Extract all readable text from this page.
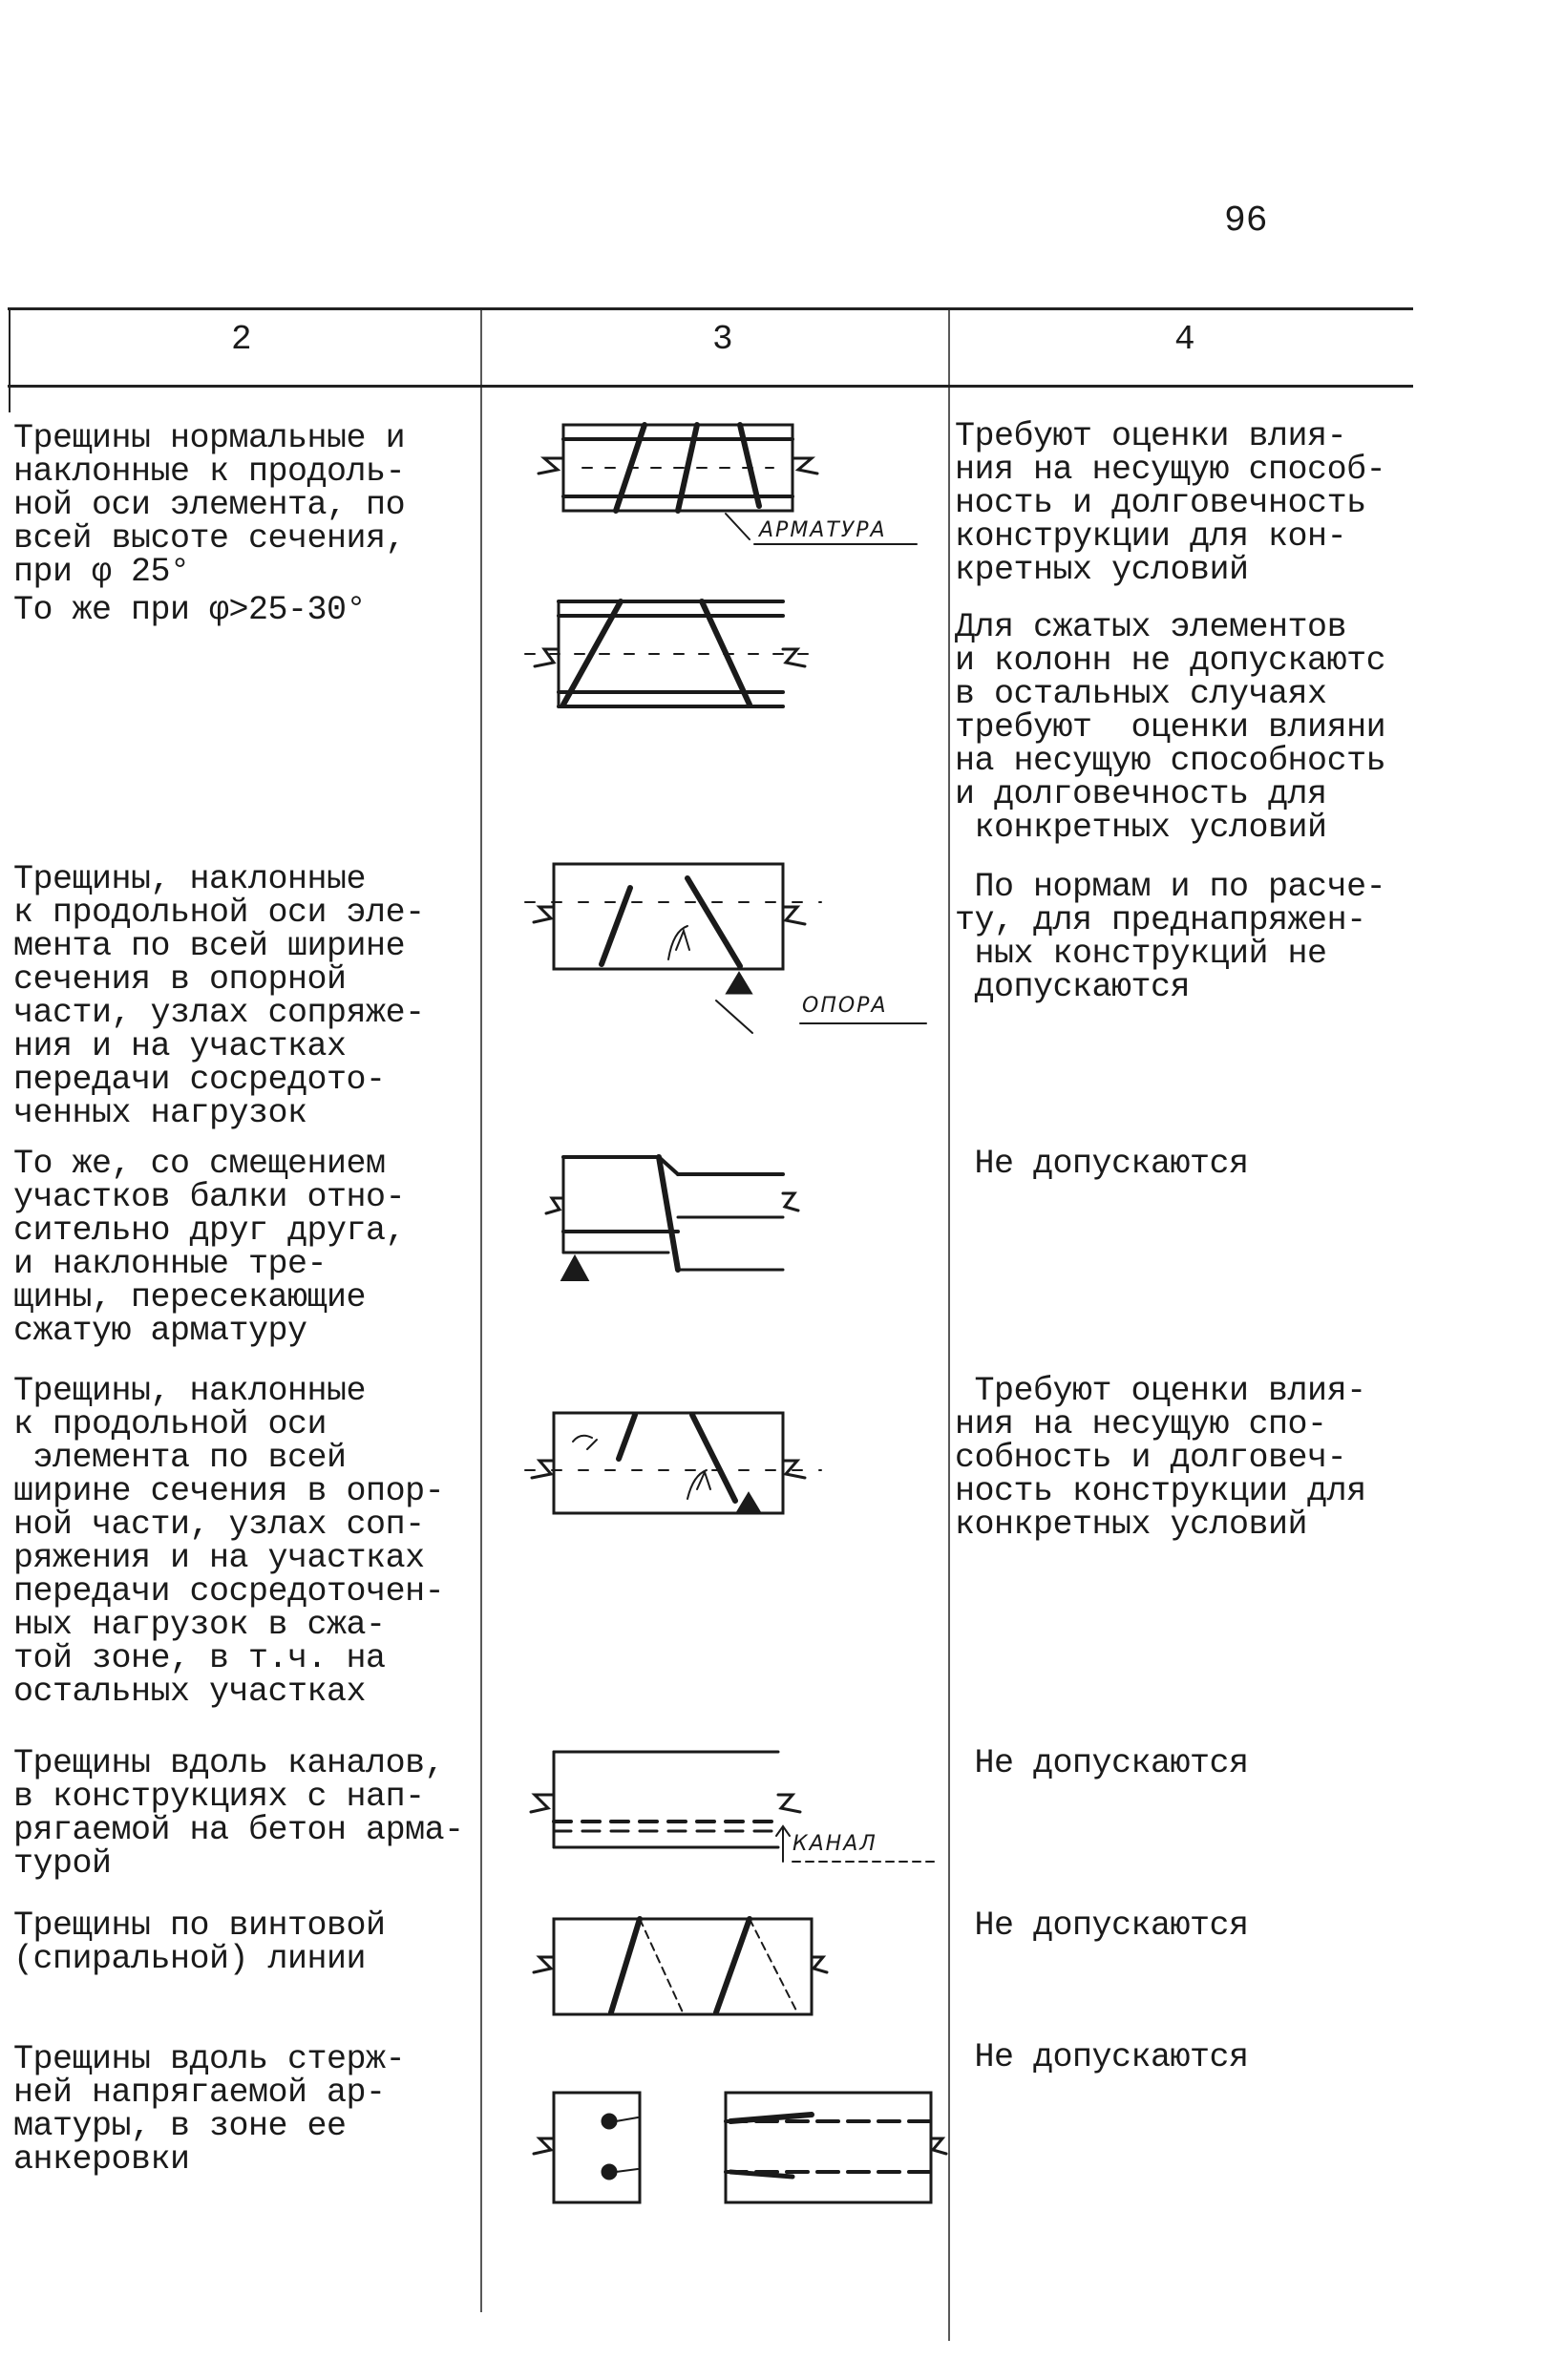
96
2	3	4
Трещины нормальные и
наклонные к продоль-
ной оси элемента, по
всей высоте сечения,
при φ 25°
То же при φ>25-30°
Трещины, наклонные
к продольной оси эле-
мента по всей ширине
сечения в опорной
части, узлах сопряже-
ния и на участках
передачи сосредото-
ченных нагрузок
То же, со смещением
участков балки отно-
сительно друг друга,
и наклонные тре-
щины, пересекающие
сжатую арматуру
Трещины, наклонные
к продольной оси
элемента по всей
ширине сечения в опор-
ной части, узлах соп-
ряжения и на участках
передачи сосредоточен-
ных нагрузок в сжа-
той зоне, в т.ч. на
остальных участках
Трещины вдоль каналов,
в конструкциях с нап-
рягаемой на бетон арма-
турой
Трещины по винтовой
(спиральной) линии
Трещины вдоль стерж-
ней напрягаемой ар-
матуры, в зоне ее
анкеровки
Требуют оценки влия-
ния на несущую способ-
ность и долговечность
конструкции для кон-
кретных условий
Для сжатых элементов
и колонн не допускаютс
в остальных случаях
требуют  оценки влияни
на несущую способность
и долговечность для
конкретных условий
По нормам и по расче-
ту, для преднапряжен-
ных конструкций не
допускаются
Не допускаются
Требуют оценки влия-
ния на несущую спо-
собность и долговеч-
ность конструкции для
конкретных условий
Не допускаются
Не допускаются
Не допускаются
АРМАТУРА
ОПОРА
КАНАЛ
